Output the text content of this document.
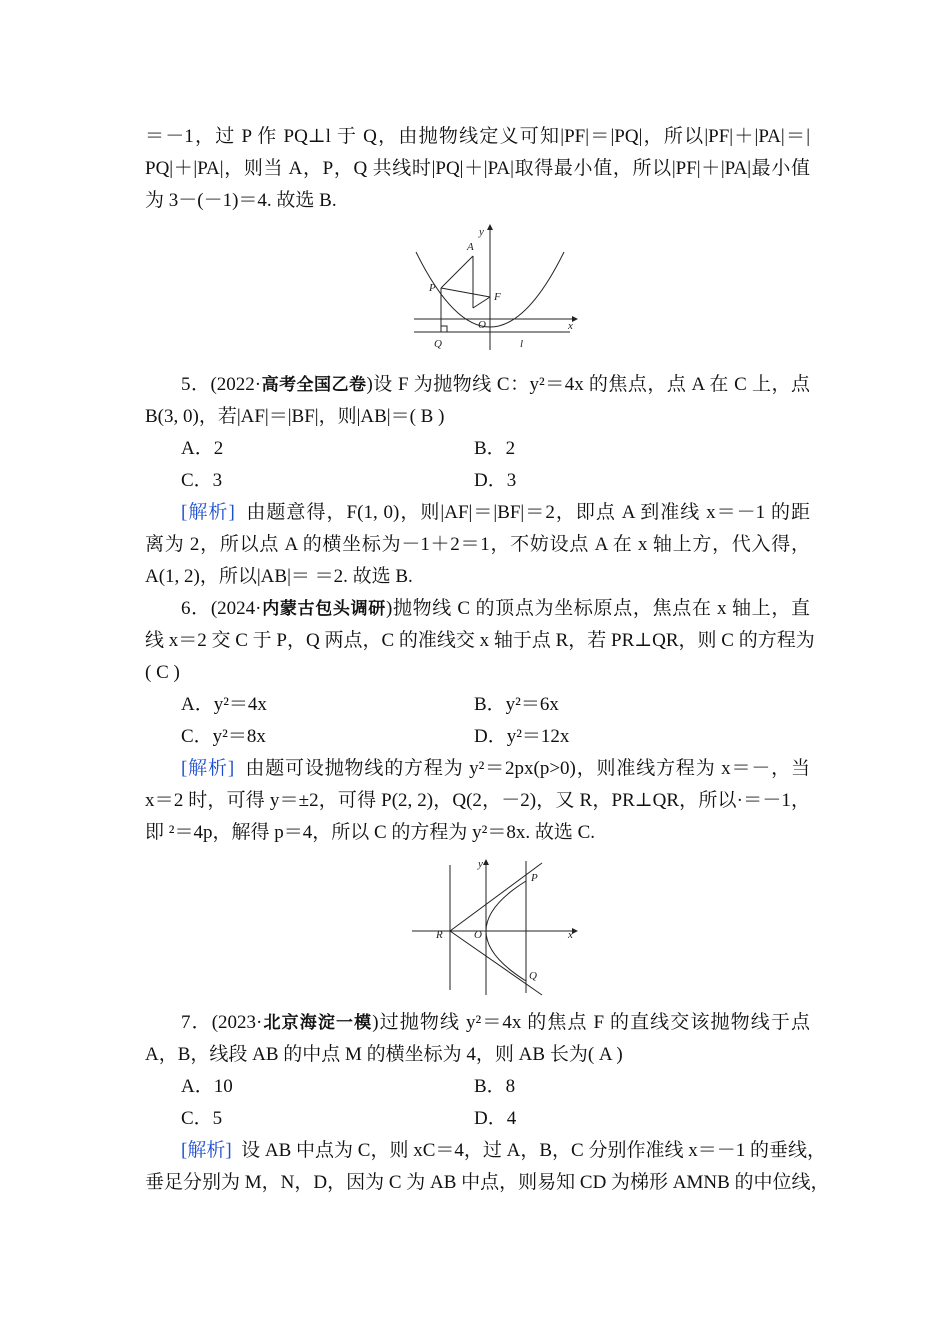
＝－1，过 P 作 PQ⊥l 于 Q，由抛物线定义可知|PF|＝|PQ|，所以|PF|＋|PA|＝|
PQ|＋|PA|，则当 A，P，Q 共线时|PQ|＋|PA|取得最小值，所以|PF|＋|PA|最小值
为 3－(－1)＝4. 故选 B.
y
A
P
F
O	x
Q	l
5．(2022·高考全国乙卷)设 F 为抛物线 C：y²＝4x 的焦点，点 A 在 C 上，点
B(3, 0)，若|AF|＝|BF|，则|AB|＝( B )
A．2	B．2
C．3	D．3
[解析] 由题意得，F(1, 0)，则|AF|＝|BF|＝2，即点 A 到准线 x＝－1 的距
离为 2，所以点 A 的横坐标为－1＋2＝1，不妨设点 A 在 x 轴上方，代入得，
A(1, 2)，所以|AB|＝ ＝2. 故选 B.
6．(2024·内蒙古包头调研)抛物线 C 的顶点为坐标原点，焦点在 x 轴上，直
线 x＝2 交 C 于 P，Q 两点，C 的准线交 x 轴于点 R，若 PR⊥QR，则 C 的方程为
( C )
A．y²＝4x	B．y²＝6x
C．y²＝8x	D．y²＝12x
[解析] 由题可设抛物线的方程为 y²＝2px(p>0)，则准线方程为 x＝－，当
x＝2 时，可得 y＝±2，可得 P(2, 2)，Q(2，－2)，又 R，PR⊥QR，所以·＝－1，
即 ²＝4p，解得 p＝4，所以 C 的方程为 y²＝8x. 故选 C.
y
P
R	O	x
Q
7．(2023·北京海淀一模)过抛物线 y²＝4x 的焦点 F 的直线交该抛物线于点
A，B，线段 AB 的中点 M 的横坐标为 4，则 AB 长为( A )
A．10	B．8
C．5	D．4
[解析] 设 AB 中点为 C，则 xC＝4，过 A，B，C 分别作准线 x＝－1 的垂线，
垂足分别为 M，N，D，因为 C 为 AB 中点，则易知 CD 为梯形 AMNB 的中位线，
